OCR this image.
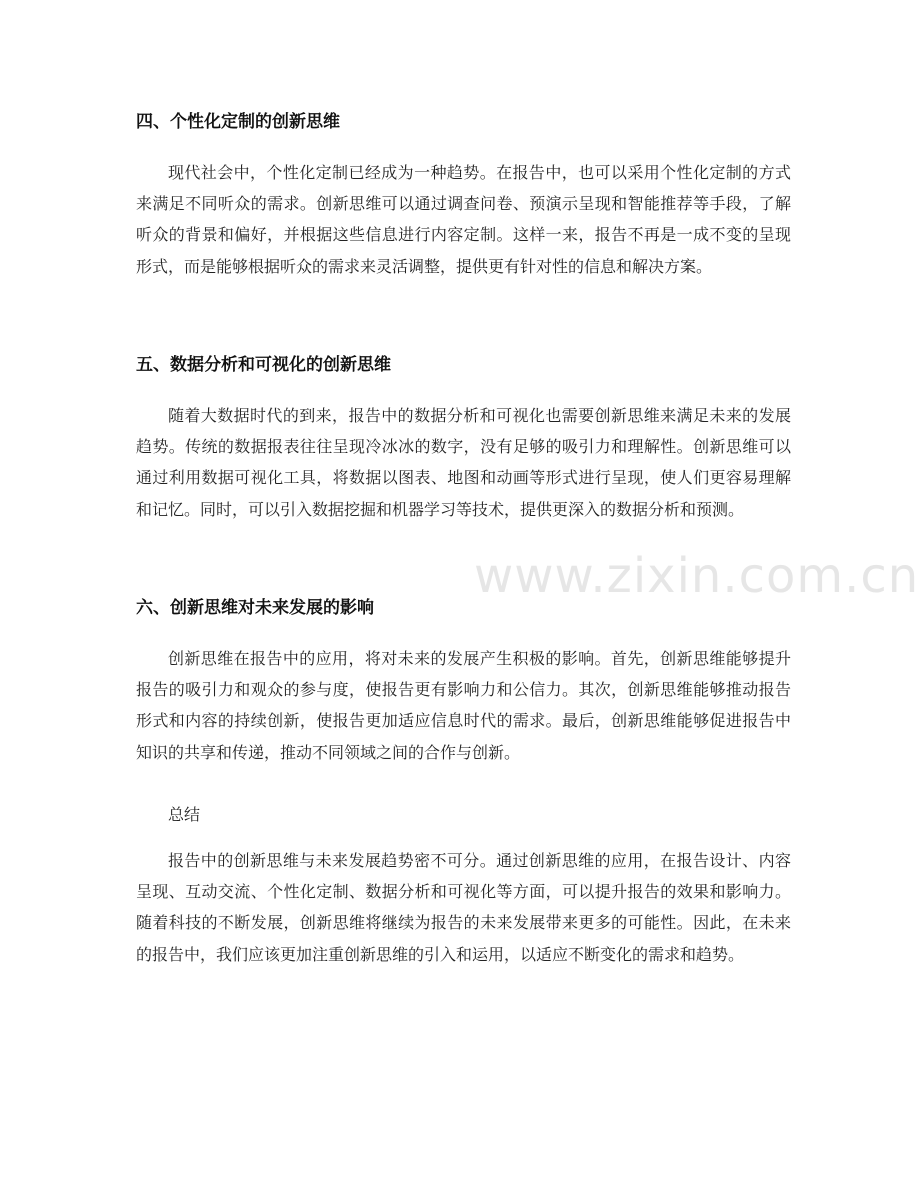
四、个性化定制的创新思维

现代社会中，个性化定制已经成为一种趋势。在报告中，也可以采用个性化定制的方式来满足不同听众的需求。创新思维可以通过调查问卷、预演示呈现和智能推荐等手段，了解听众的背景和偏好，并根据这些信息进行内容定制。这样一来，报告不再是一成不变的呈现形式，而是能够根据听众的需求来灵活调整，提供更有针对性的信息和解决方案。

五、数据分析和可视化的创新思维

随着大数据时代的到来，报告中的数据分析和可视化也需要创新思维来满足未来的发展趋势。传统的数据报表往往呈现冷冰冰的数字，没有足够的吸引力和理解性。创新思维可以通过利用数据可视化工具，将数据以图表、地图和动画等形式进行呈现，使人们更容易理解和记忆。同时，可以引入数据挖掘和机器学习等技术，提供更深入的数据分析和预测。

六、创新思维对未来发展的影响

创新思维在报告中的应用，将对未来的发展产生积极的影响。首先，创新思维能够提升报告的吸引力和观众的参与度，使报告更有影响力和公信力。其次，创新思维能够推动报告形式和内容的持续创新，使报告更加适应信息时代的需求。最后，创新思维能够促进报告中知识的共享和传递，推动不同领域之间的合作与创新。

总结

报告中的创新思维与未来发展趋势密不可分。通过创新思维的应用，在报告设计、内容呈现、互动交流、个性化定制、数据分析和可视化等方面，可以提升报告的效果和影响力。随着科技的不断发展，创新思维将继续为报告的未来发展带来更多的可能性。因此，在未来的报告中，我们应该更加注重创新思维的引入和运用，以适应不断变化的需求和趋势。

www.zixin.com.cn
